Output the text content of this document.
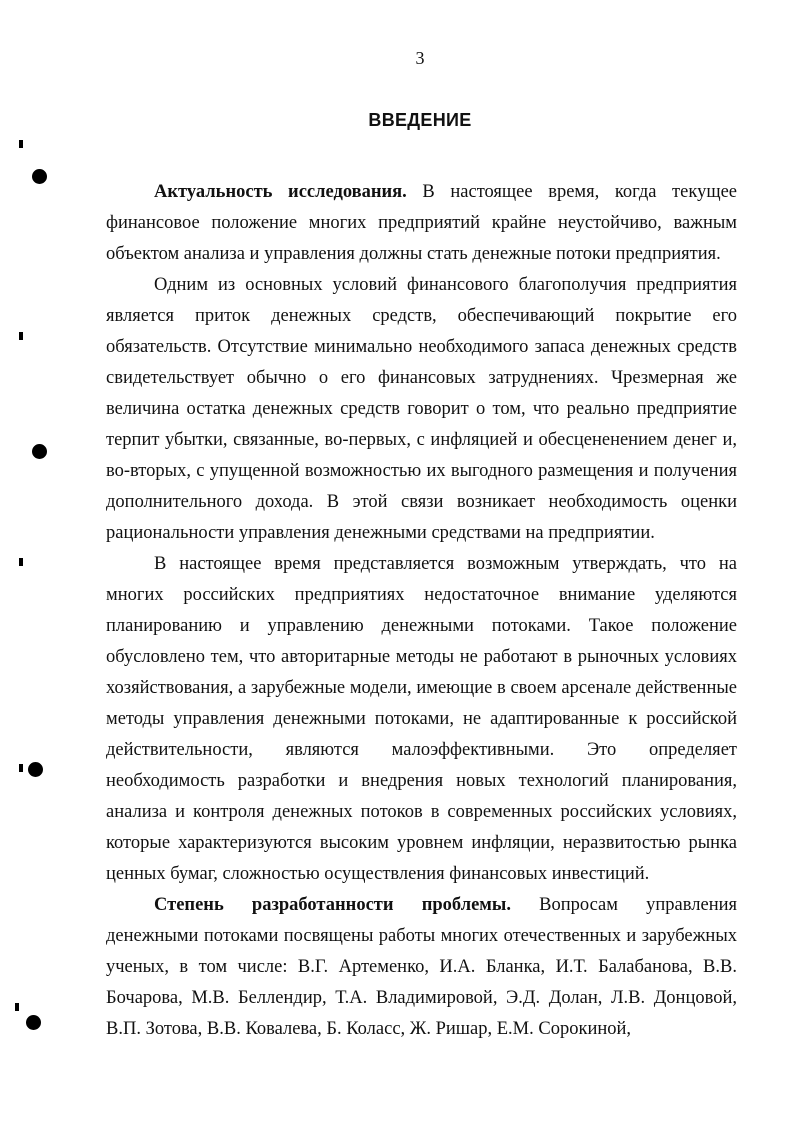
3
ВВЕДЕНИЕ

Актуальность исследования. В настоящее время, когда текущее финансовое положение многих предприятий крайне неустойчиво, важным объектом анализа и управления должны стать денежные потоки предприятия.

Одним из основных условий финансового благополучия предприятия является приток денежных средств, обеспечивающий покрытие его обязательств. Отсутствие минимально необходимого запаса денежных средств свидетельствует обычно о его финансовых затруднениях. Чрезмерная же величина остатка денежных средств говорит о том, что реально предприятие терпит убытки, связанные, во-первых, с инфляцией и обесцененением денег и, во-вторых, с упущенной возможностью их выгодного размещения и получения дополнительного дохода. В этой связи возникает необходимость оценки рациональности управления денежными средствами на предприятии.

В настоящее время представляется возможным утверждать, что на многих российских предприятиях недостаточное внимание уделяются планированию и управлению денежными потоками. Такое положение обусловлено тем, что авторитарные методы не работают в рыночных условиях хозяйствования, а зарубежные модели, имеющие в своем арсенале действенные методы управления денежными потоками, не адаптированные к российской действительности, являются малоэффективными. Это определяет необходимость разработки и внедрения новых технологий планирования, анализа и контроля денежных потоков в современных российских условиях, которые характеризуются высоким уровнем инфляции, неразвитостью рынка ценных бумаг, сложностью осуществления финансовых инвестиций.

Степень разработанности проблемы. Вопросам управления денежными потоками посвящены работы многих отечественных и зарубежных ученых, в том числе: В.Г. Артеменко, И.А. Бланка, И.Т. Балабанова, В.В. Бочарова, М.В. Беллендир, Т.А. Владимировой, Э.Д. Долан, Л.В. Донцовой, В.П. Зотова, В.В. Ковалева, Б. Коласс, Ж. Ришар, Е.М. Сорокиной,
